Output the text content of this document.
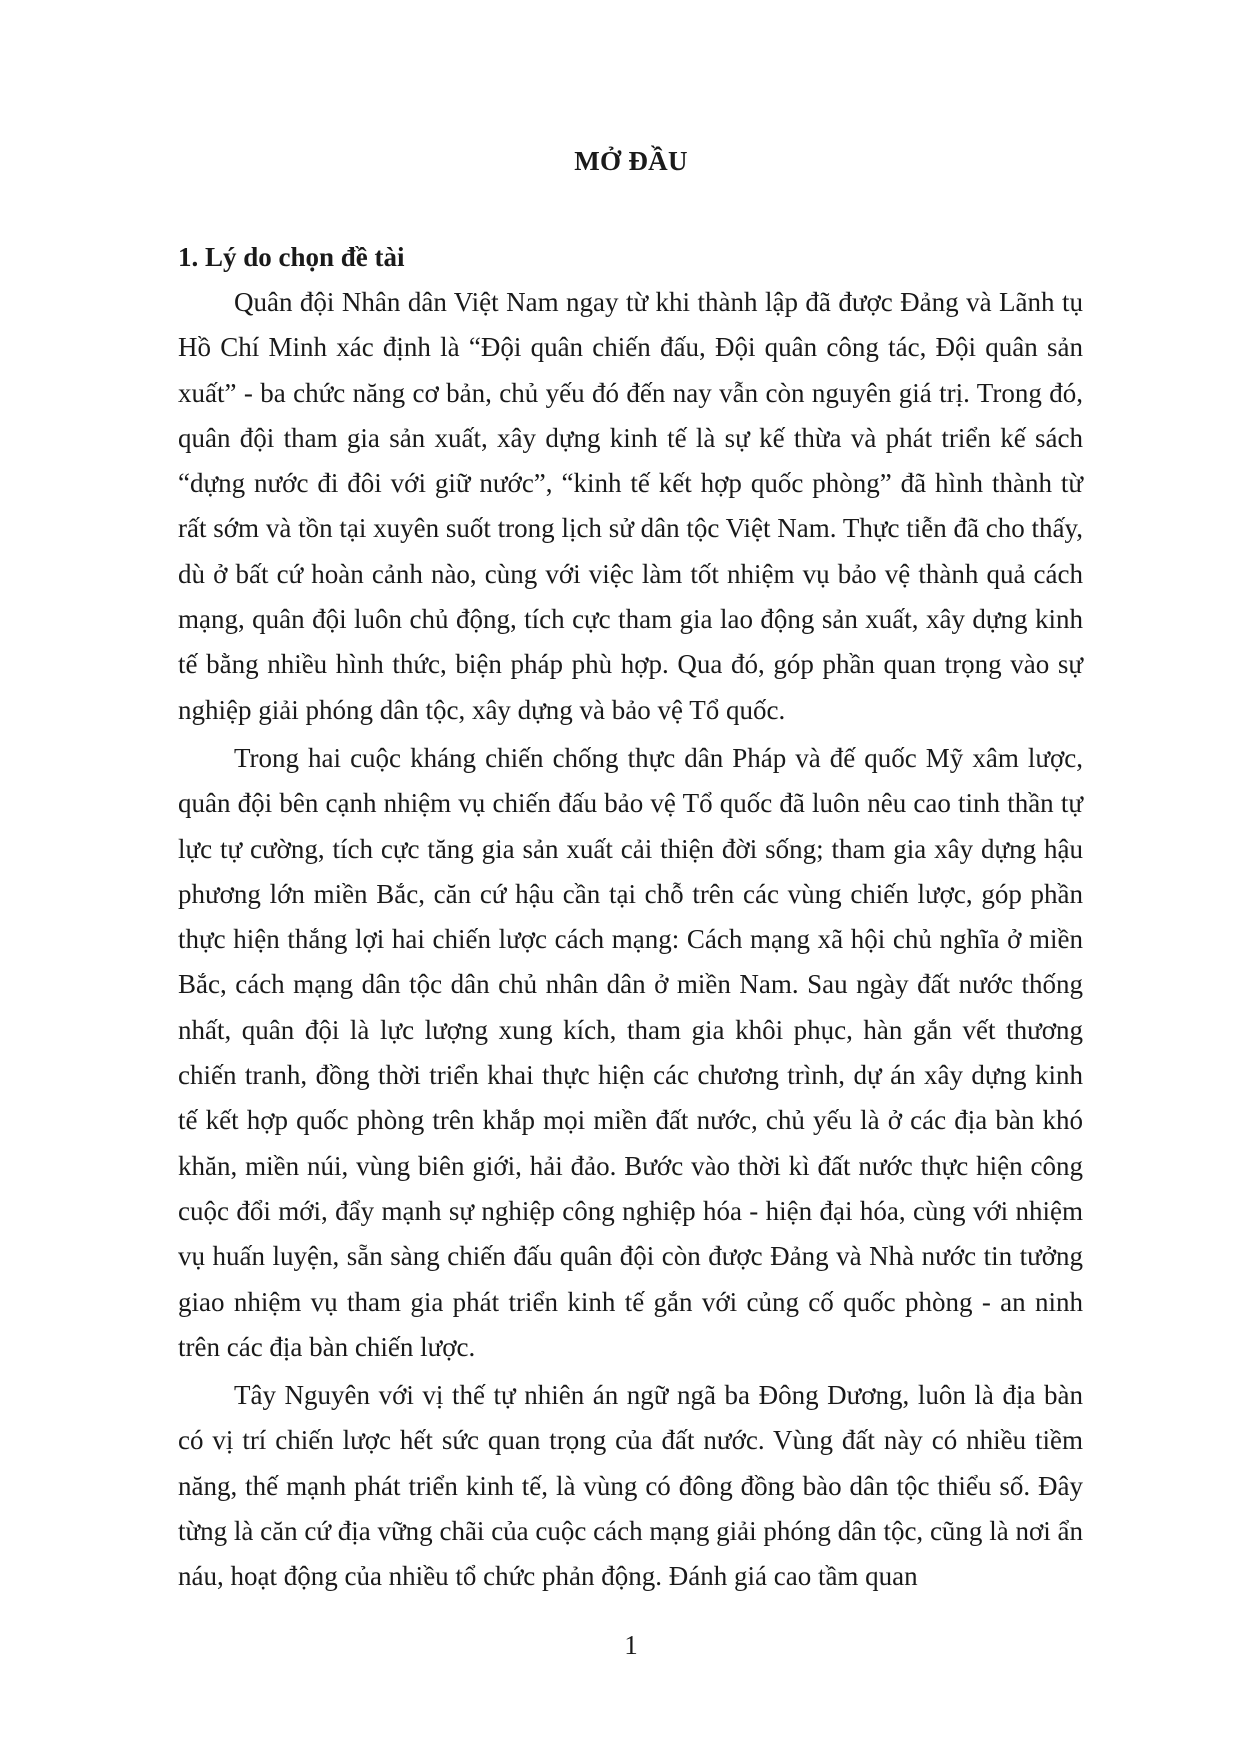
MỞ ĐẦU

1. Lý do chọn đề tài

Quân đội Nhân dân Việt Nam ngay từ khi thành lập đã được Đảng và Lãnh tụ Hồ Chí Minh xác định là “Đội quân chiến đấu, Đội quân công tác, Đội quân sản xuất” - ba chức năng cơ bản, chủ yếu đó đến nay vẫn còn nguyên giá trị. Trong đó, quân đội tham gia sản xuất, xây dựng kinh tế là sự kế thừa và phát triển kế sách “dựng nước đi đôi với giữ nước”, “kinh tế kết hợp quốc phòng” đã hình thành từ rất sớm và tồn tại xuyên suốt trong lịch sử dân tộc Việt Nam. Thực tiễn đã cho thấy, dù ở bất cứ hoàn cảnh nào, cùng với việc làm tốt nhiệm vụ bảo vệ thành quả cách mạng, quân đội luôn chủ động, tích cực tham gia lao động sản xuất, xây dựng kinh tế bằng nhiều hình thức, biện pháp phù hợp. Qua đó, góp phần quan trọng vào sự nghiệp giải phóng dân tộc, xây dựng và bảo vệ Tổ quốc.

Trong hai cuộc kháng chiến chống thực dân Pháp và đế quốc Mỹ xâm lược, quân đội bên cạnh nhiệm vụ chiến đấu bảo vệ Tổ quốc đã luôn nêu cao tinh thần tự lực tự cường, tích cực tăng gia sản xuất cải thiện đời sống; tham gia xây dựng hậu phương lớn miền Bắc, căn cứ hậu cần tại chỗ trên các vùng chiến lược, góp phần thực hiện thắng lợi hai chiến lược cách mạng: Cách mạng xã hội chủ nghĩa ở miền Bắc, cách mạng dân tộc dân chủ nhân dân ở miền Nam. Sau ngày đất nước thống nhất, quân đội là lực lượng xung kích, tham gia khôi phục, hàn gắn vết thương chiến tranh, đồng thời triển khai thực hiện các chương trình, dự án xây dựng kinh tế kết hợp quốc phòng trên khắp mọi miền đất nước, chủ yếu là ở các địa bàn khó khăn, miền núi, vùng biên giới, hải đảo. Bước vào thời kì đất nước thực hiện công cuộc đổi mới, đẩy mạnh sự nghiệp công nghiệp hóa - hiện đại hóa, cùng với nhiệm vụ huấn luyện, sẵn sàng chiến đấu quân đội còn được Đảng và Nhà nước tin tưởng giao nhiệm vụ tham gia phát triển kinh tế gắn với củng cố quốc phòng - an ninh trên các địa bàn chiến lược.

Tây Nguyên với vị thế tự nhiên án ngữ ngã ba Đông Dương, luôn là địa bàn có vị trí chiến lược hết sức quan trọng của đất nước. Vùng đất này có nhiều tiềm năng, thế mạnh phát triển kinh tế, là vùng có đông đồng bào dân tộc thiểu số. Đây từng là căn cứ địa vững chãi của cuộc cách mạng giải phóng dân tộc, cũng là nơi ẩn náu, hoạt động của nhiều tổ chức phản động. Đánh giá cao tầm quan

1
